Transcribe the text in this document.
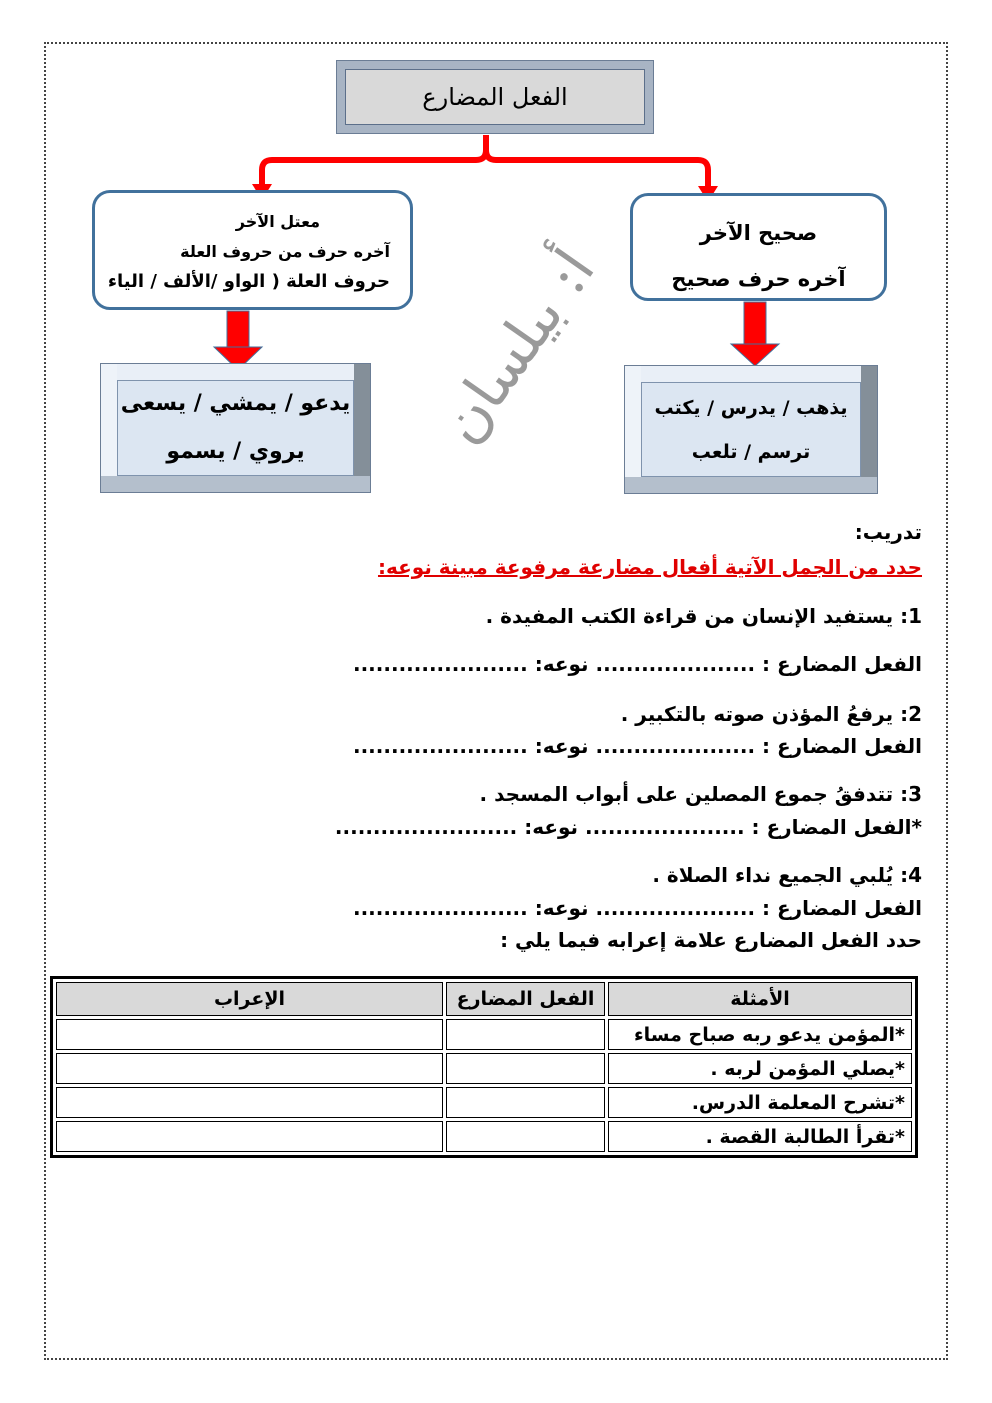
الفعل المضارع
صحيح الآخر
آخره حرف صحيح
معتل الآخر
آخره حرف من حروف العلة
حروف العلة ( الواو /الألف / الياء
يذهب / يدرس / يكتب
ترسم / تلعب
يدعو / يمشي / يسعى
يروي / يسمو
تدريب:
حدد من الجمل الآتية أفعال مضارعة مرفوعة مبينة نوعه:
1: يستفيد الإنسان من قراءة الكتب المفيدة .
الفعل المضارع : ..................... نوعه: .......................
2: يرفعُ المؤذن صوته بالتكبير .
الفعل المضارع : ..................... نوعه: .......................
3: تتدفقُ جموع المصلين على أبواب المسجد .
*الفعل المضارع : ..................... نوعه: ........................
4: يُلبي الجميع نداء الصلاة .
الفعل المضارع : ..................... نوعه: .......................
حدد الفعل المضارع علامة إعرابه فيما يلي :
أ: بيلسان
الأمثلة	الفعل المضارع	الإعراب
*المؤمن يدعو ربه صباح مساء		
*يصلي المؤمن لربه .		
*تشرح المعلمة الدرس.		
*تقرأ الطالبة القصة .		
